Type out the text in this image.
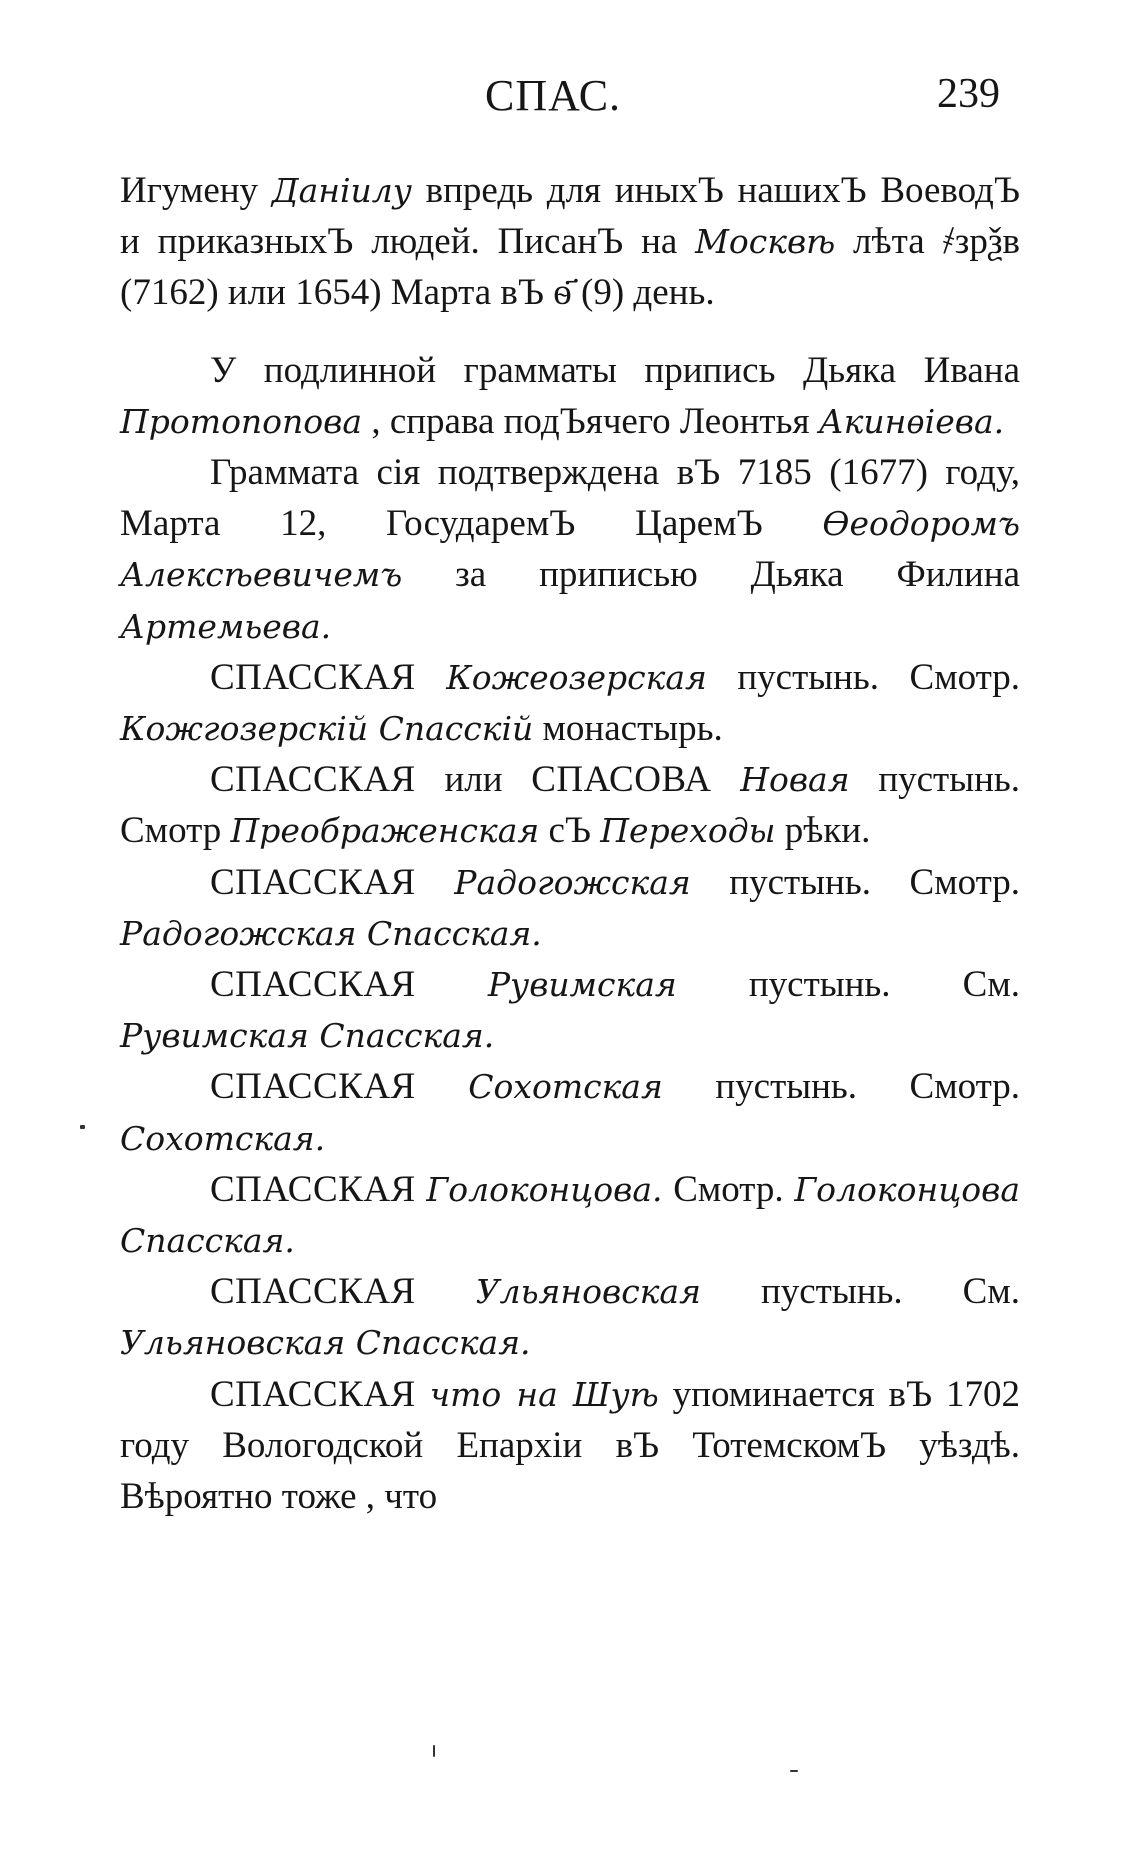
СПАС.	239

Игумену Данiилу впредь для иныхЪ нашихЪ ВоеводЪ и приказныхЪ людей. ПисанЪ на Москвѣ лѣта ҂зрѯв (7162) или 1654) Марта вЪ ѳ҃ (9) день.

У подлинной грамматы припись Дьяка Ивана Протопопова , справа подЪячего Леонтья Акинѳiева.

Граммата сiя подтверждена вЪ 7185 (1677) году, Марта 12, ГосударемЪ ЦаремЪ Ѳеодоромъ Алексѣевичемъ за приписью Дьяка Филина Артемьева.

СПАССКАЯ Кожеозерская пустынь. Смотр. Кожгозерскiй Спасскiй монастырь.

СПАССКАЯ или СПАСОВА Новая пустынь. Смотр Преображенская сЪ Переходы рѣки.

СПАССКАЯ Радогожская пустынь. Смотр. Радогожская Спасская.

СПАССКАЯ Рувимская пустынь. См. Рувимская Спасская.

СПАССКАЯ Сохотская пустынь. Смотр. Сохотская.

СПАССКАЯ Голоконцова. Смотр. Голоконцова Спасская.

СПАССКАЯ Ульяновская пустынь. См. Ульяновская Спасская.

СПАССКАЯ что на Шуѣ упоминается вЪ 1702 году Вологодской Епархiи вЪ ТотемскомЪ уѣздѣ. Вѣроятно тоже , что
